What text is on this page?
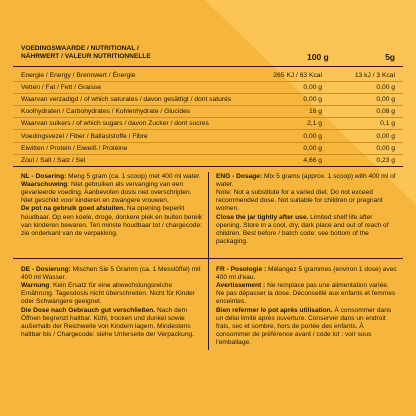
VOEDINGSWAARDE / NUTRITIONAL /
NÄHRWERT / VALEUR NUTRITIONNELLE	100 g	5g
Energie / Energy / Brennwert / Énergie	265 KJ / 63 Kcal	13 kJ / 3 Kcal
Vetten / Fat / Fett / Graisse	0,00 g	0,00 g
Waarvan verzadigd / of which saturates / davon gesättigt / dont saturés	0,00 g	0,00 g
Koolhydraten / Carbohydrates / Kohlenhydrate / Glucides	16 g	0,08 g
Waarvan suikers / of which sugars / davon Zucker / dont sucres	2,1 g	0,1 g
Voedingsvezel / Fiber / Ballaststoffe / Fibre	0,00 g	0,00 g
Eiwitten / Protein / Eiweiß / Protéine	0,00 g	0,00 g
Zout / Salt / Salz / Sel	4,66 g	0,23 g

NL - Dosering: Meng 5 gram (ca. 1 scoop) met 400 ml water.

Waarschuwing: Niet gebruiken als vervanging van een gevarieerde voeding. Aanbevolen dosis niet overschrijden. Niet geschikt voor kinderen en zwangere vrouwen.

De pot na gebruik goed afsluiten. Na opening beperkt houdbaar. Op een koele, droge, donkere plek en buiten bereik van kinderen bewaren. Ten minste houdbaar tot / chargecode: zie onderkant van de verpakking.

ENG - Dosage: Mix 5 grams (approx. 1 scoop) with 400 ml of water.

Note: Not a substitute for a varied diet. Do not exceed recommended dose. Not suitable for children or pregnant women.

Close the jar tightly after use. Limited shelf life after opening. Store in a cool, dry, dark place and out of reach of children. Best before / batch code: see bottom of the packaging.

DE - Dosierung: Mischen Sie 5 Gramm (ca. 1 Messlöffel) mit 400 ml Wasser.

Warnung: Kein Ersatz für eine abwechslungsreiche Ernährung. Tagesdosis nicht überschreiten. Nicht für Kinder oder Schwangere geeignet.

Die Dose nach Gebrauch gut verschließen. Nach dem Öffnen begrenzt haltbar. Kühl, trocken und dunkel sowie außerhalb der Reichweite von Kindern lagern. Mindestens haltbar bis / Chargecode: siehe Unterseite der Verpackung.

FR - Posologie : Mélangez 5 grammes (environ 1 dose) avec 400 ml d'eau.

Avertissement : Ne remplace pas une alimentation variée. Ne pas dépasser la dose. Déconseillé aux enfants et femmes enceintes.

Bien refermer le pot après utilisation. À consommer dans un délai limité après ouverture. Conserver dans un endroit frais, sec et sombre, hors de portée des enfants. À consommer de préférence avant / code lot : voir sous l'emballage.
